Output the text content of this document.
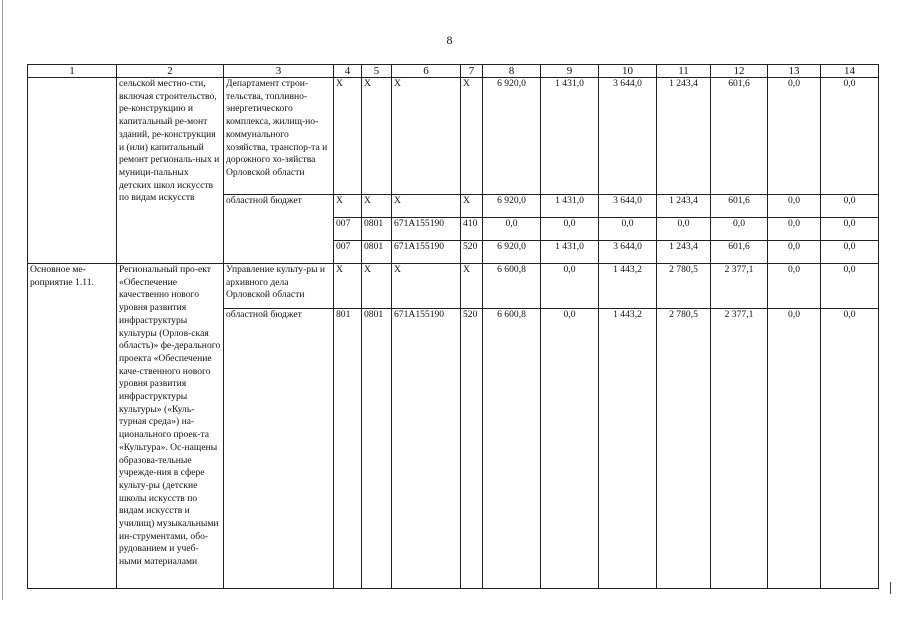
8
1	2	3	4	5	6	7	8	9	10	11	12	13	14
	сельской местно-сти, включая строительство, ре-конструкцию и капитальный ре-монт зданий, ре-конструкция и (или) капитальный ремонт региональ-ных и муници-пальных детских школ искусств по видам искусств	Департамент строи-тельства, топливно-энергетического комплекса, жилищ-но-коммунального хозяйства, транспор-та и дорожного хо-зяйства Орловской области	X	X	X	X	6 920,0	1 431,0	3 644,0	1 243,4	601,6	0,0	0,0
		областной бюджет	X	X	X	X	6 920,0	1 431,0	3 644,0	1 243,4	601,6	0,0	0,0
			007	0801	671А155190	410	0,0	0,0	0,0	0,0	0,0	0,0	0,0
			007	0801	671А155190	520	6 920,0	1 431,0	3 644,0	1 243,4	601,6	0,0	0,0
Основное ме-роприятие 1.11.	Региональный про-ект «Обеспечение качественно нового уровня развития инфраструктуры культуры (Орлов-ская область)» фе-дерального проекта «Обеспечение каче-ственного нового уровня развития инфраструктуры культуры» («Куль-турная среда») на-ционального проек-та «Культура». Ос-нащены образова-тельные учрежде-ния в сфере культу-ры (детские школы искусств по видам искусств и училищ) музыкальными ин-струментами, обо-рудованием и учеб-ными материалами	Управление культу-ры и архивного дела Орловской области	X	X	X	X	6 600,8	0,0	1 443,2	2 780,5	2 377,1	0,0	0,0
		областной бюджет	801	0801	671А155190	520	6 600,8	0,0	1 443,2	2 780,5	2 377,1	0,0	0,0
